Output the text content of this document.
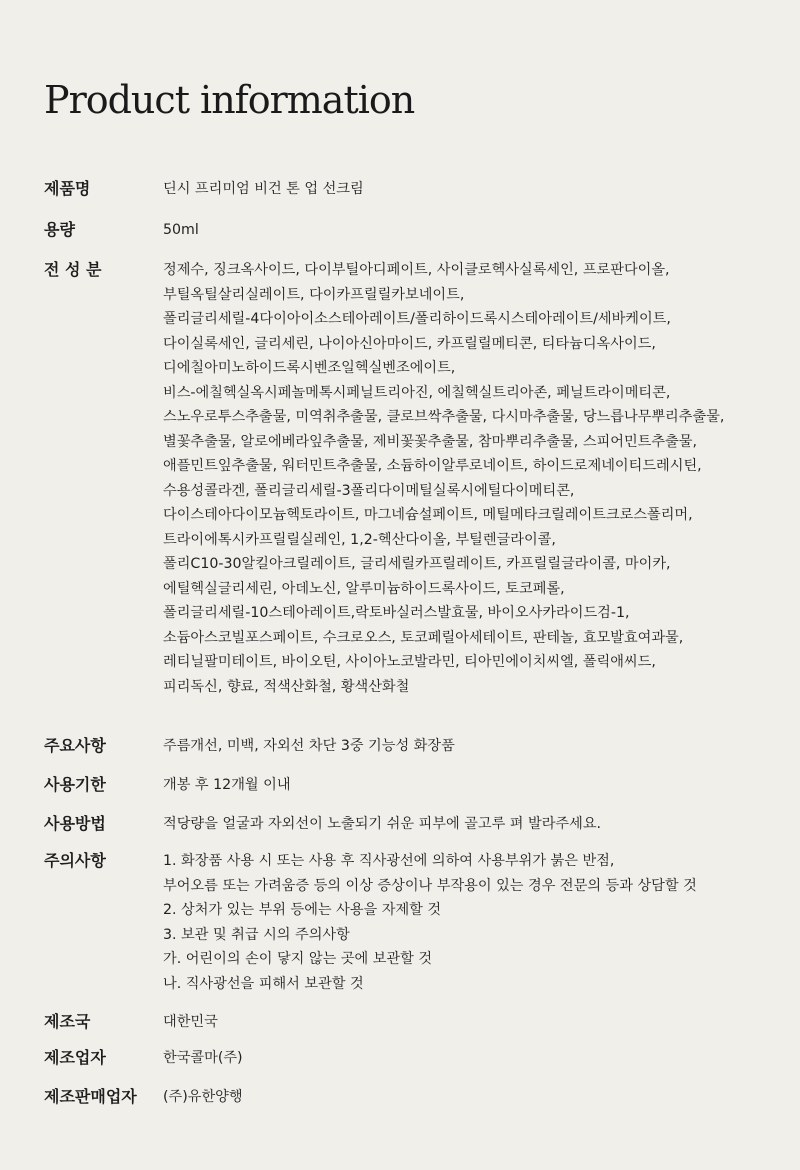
Product information
제품명	딘시 프리미엄 비건 톤 업 선크림
용량	50ml
전 성 분	정제수, 징크옥사이드, 다이부틸아디페이트, 사이클로헥사실록세인, 프로판다이올,
부틸옥틸살리실레이트, 다이카프릴릴카보네이트,
폴리글리세릴-4다이아이소스테아레이트/폴리하이드록시스테아레이트/세바케이트,
다이실록세인, 글리세린, 나이아신아마이드, 카프릴릴메티콘, 티타늄디옥사이드,
디에칠아미노하이드록시벤조일헥실벤조에이트,
비스-에칠헥실옥시페놀메톡시페닐트리아진, 에칠헥실트리아존, 페닐트라이메티콘,
스노우로투스추출물, 미역취추출물, 클로브싹추출물, 다시마추출물, 당느릅나무뿌리추출물,
별꽃추출물, 알로에베라잎추출물, 제비꽃꽃추출물, 참마뿌리추출물, 스피어민트추출물,
애플민트잎추출물, 워터민트추출물, 소듐하이알루로네이트, 하이드로제네이티드레시틴,
수용성콜라겐, 폴리글리세릴-3폴리다이메틸실록시에틸다이메티콘,
다이스테아다이모늄헥토라이트, 마그네슘설페이트, 메틸메타크릴레이트크로스폴리머,
트라이에톡시카프릴릴실레인, 1,2-헥산다이올, 부틸렌글라이콜,
폴리C10-30알킬아크릴레이트, 글리세릴카프릴레이트, 카프릴릴글라이콜, 마이카,
에틸헥실글리세린, 아데노신, 알루미늄하이드록사이드, 토코페롤,
폴리글리세릴-10스테아레이트,락토바실러스발효물, 바이오사카라이드검-1,
소듐아스코빌포스페이트, 수크로오스, 토코페릴아세테이트, 판테놀, 효모발효여과물,
레티닐팔미테이트, 바이오틴, 사이아노코발라민, 티아민에이치씨엘, 폴릭애씨드,
피리독신, 향료, 적색산화철, 황색산화철
주요사항	주름개선, 미백, 자외선 차단 3중 기능성 화장품
사용기한	개봉 후 12개월 이내
사용방법	적당량을 얼굴과 자외선이 노출되기 쉬운 피부에 골고루 펴 발라주세요.
주의사항	1. 화장품 사용 시 또는 사용 후 직사광선에 의하여 사용부위가 붉은 반점,
부어오름 또는 가려움증 등의 이상 증상이나 부작용이 있는 경우 전문의 등과 상담할 것
2. 상처가 있는 부위 등에는 사용을 자제할 것
3. 보관 및 취급 시의 주의사항
가. 어린이의 손이 닿지 않는 곳에 보관할 것
나. 직사광선을 피해서 보관할 것
제조국	대한민국
제조업자	한국콜마(주)
제조판매업자 (주)유한양행
